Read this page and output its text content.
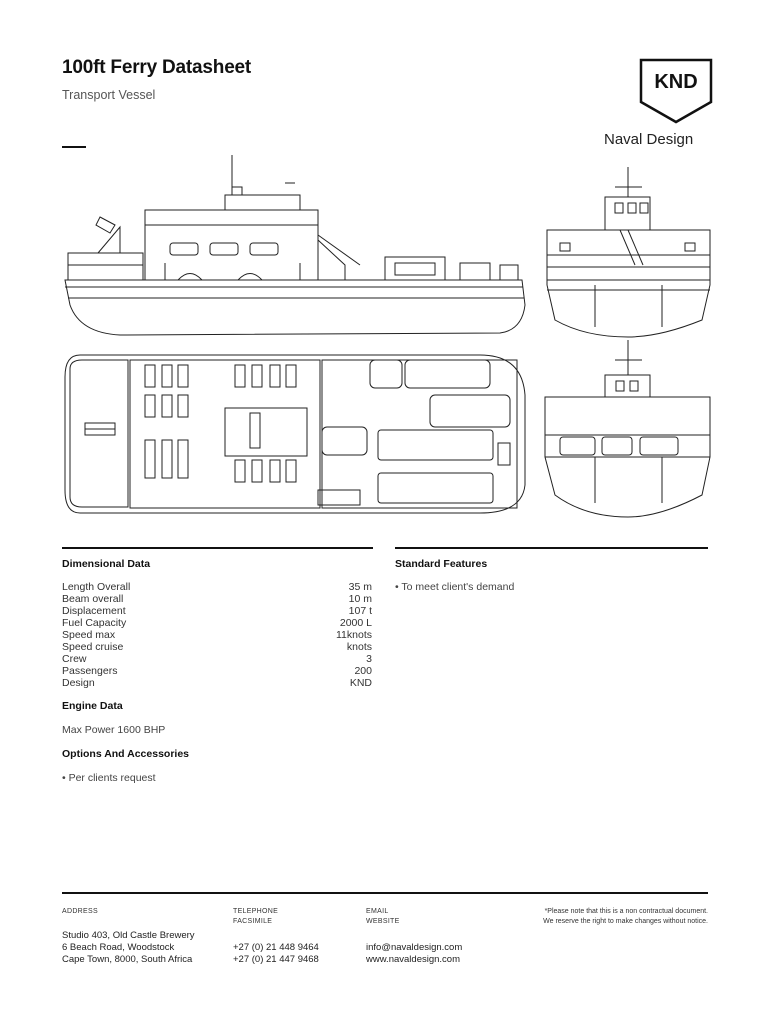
100ft Ferry Datasheet
Transport Vessel
KND
Naval Design
Dimensional Data
Length Overall	35 m
Beam overall	10 m
Displacement	107 t
Fuel Capacity	2000 L
Speed max	11knots
Speed cruise	knots
Crew	3
Passengers	200
Design	KND
Engine Data
Max Power 1600 BHP
Options And Accessories
• Per clients request
Standard Features
• To meet client's demand
ADDRESS
Studio 403, Old Castle Brewery
6 Beach Road, Woodstock
Cape Town, 8000, South Africa
TELEPHONE
FACSIMILE
+27 (0) 21 448 9464
+27 (0) 21 447 9468
EMAIL
WEBSITE
info@navaldesign.com
www.navaldesign.com
*Please note that this is a non contractual document.
We reserve the right to make changes without notice.
